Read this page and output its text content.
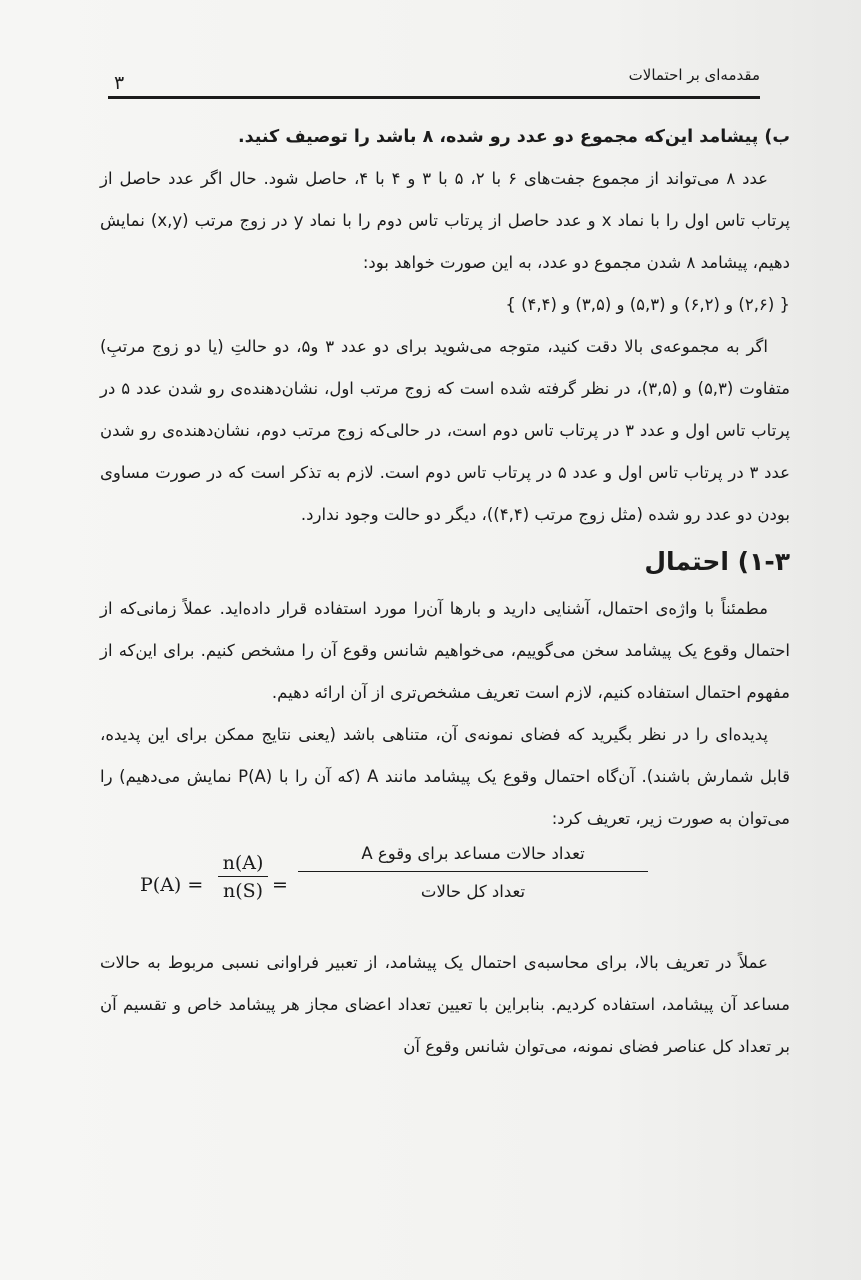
۳	مقدمه‌ای بر احتمالات

ب) پیشامد این‌که مجموع دو عدد رو شده، ۸ باشد را توصیف کنید.

عدد ۸ می‌تواند از مجموع جفت‌های ۶ با ۲، ۵ با ۳ و ۴ با ۴، حاصل شود. حال اگر عدد حاصل از پرتاب تاس اول را با نماد x و عدد حاصل از پرتاب تاس دوم را با نماد y در زوج مرتب (x,y) نمایش دهیم، پیشامد ۸ شدن مجموع دو عدد، به این صورت خواهد بود:

{ (۲,۶) و (۶,۲) و (۵,۳) و (۳,۵) و (۴,۴) }

اگر به مجموعه‌ی بالا دقت کنید، متوجه می‌شوید برای دو عدد ۳ و۵، دو حالتِ (یا دو زوج مرتبِ) متفاوت (۵,۳) و (۳,۵)، در نظر گرفته شده است که زوج مرتب اول، نشان‌دهنده‌ی رو شدن عدد ۵ در پرتاب تاس اول و عدد ۳ در پرتاب تاس دوم است، در حالی‌که زوج مرتب دوم، نشان‌دهنده‌ی رو شدن عدد ۳ در پرتاب تاس اول و عدد ۵ در پرتاب تاس دوم است. لازم به تذکر است که در صورت مساوی بودن دو عدد رو شده (مثل زوج مرتب (۴,۴))، دیگر دو حالت وجود ندارد.

۱-۳) احتمال

مطمئناً با واژه‌ی احتمال، آشنایی دارید و بارها آن‌را مورد استفاده قرار داده‌اید. عملاً زمانی‌که از احتمال وقوع یک پیشامد سخن می‌گوییم، می‌خواهیم شانس وقوع آن را مشخص کنیم. برای این‌که از مفهوم احتمال استفاده کنیم، لازم است تعریف مشخص‌تری از آن ارائه دهیم.

پدیده‌ای را در نظر بگیرید که فضای نمونه‌ی آن، متناهی باشد (یعنی نتایج ممکن برای این پدیده، قابل شمارش باشند). آن‌گاه احتمال وقوع یک پیشامد مانند A (که آن را با P(A) نمایش می‌دهیم) را می‌توان به صورت زیر، تعریف کرد:

$P(A) = \frac{n(A)}{n(S)}$ =
تعداد حالات مساعد برای وقوع A
تعداد کل حالات

عملاً در تعریف بالا، برای محاسبه‌ی احتمال یک پیشامد، از تعبیر فراوانی نسبی مربوط به حالات مساعد آن پیشامد، استفاده کردیم. بنابراین با تعیین تعداد اعضای مجاز هر پیشامد خاص و تقسیم آن بر تعداد کل عناصر فضای نمونه، می‌توان شانس وقوع آن
